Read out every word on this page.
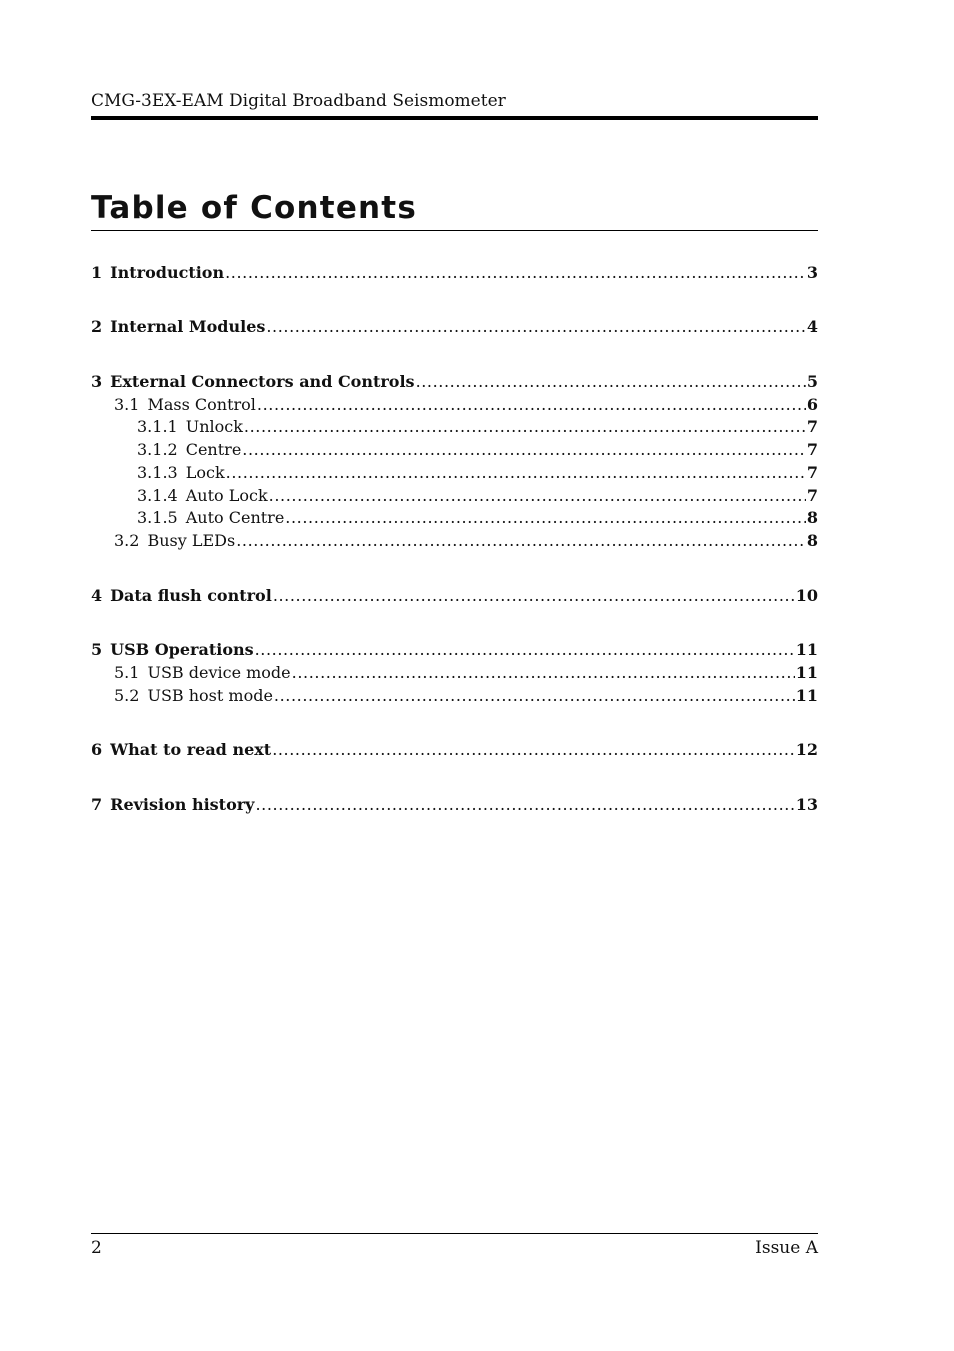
CMG-3EX-EAM Digital Broadband Seismometer
Table of Contents
1 Introduction .....	3
2 Internal Modules .....	4
3 External Connectors and Controls .....	5
3.1 Mass Control .....	6
3.1.1 Unlock .....	7
3.1.2 Centre .....	7
3.1.3 Lock .....	7
3.1.4 Auto Lock .....	7
3.1.5 Auto Centre .....	8
3.2 Busy LEDs .....	8
4 Data flush control .....	10
5 USB Operations .....	11
5.1 USB device mode .....	11
5.2 USB host mode .....	11
6 What to read next .....	12
7 Revision history .....	13
2	Issue A
